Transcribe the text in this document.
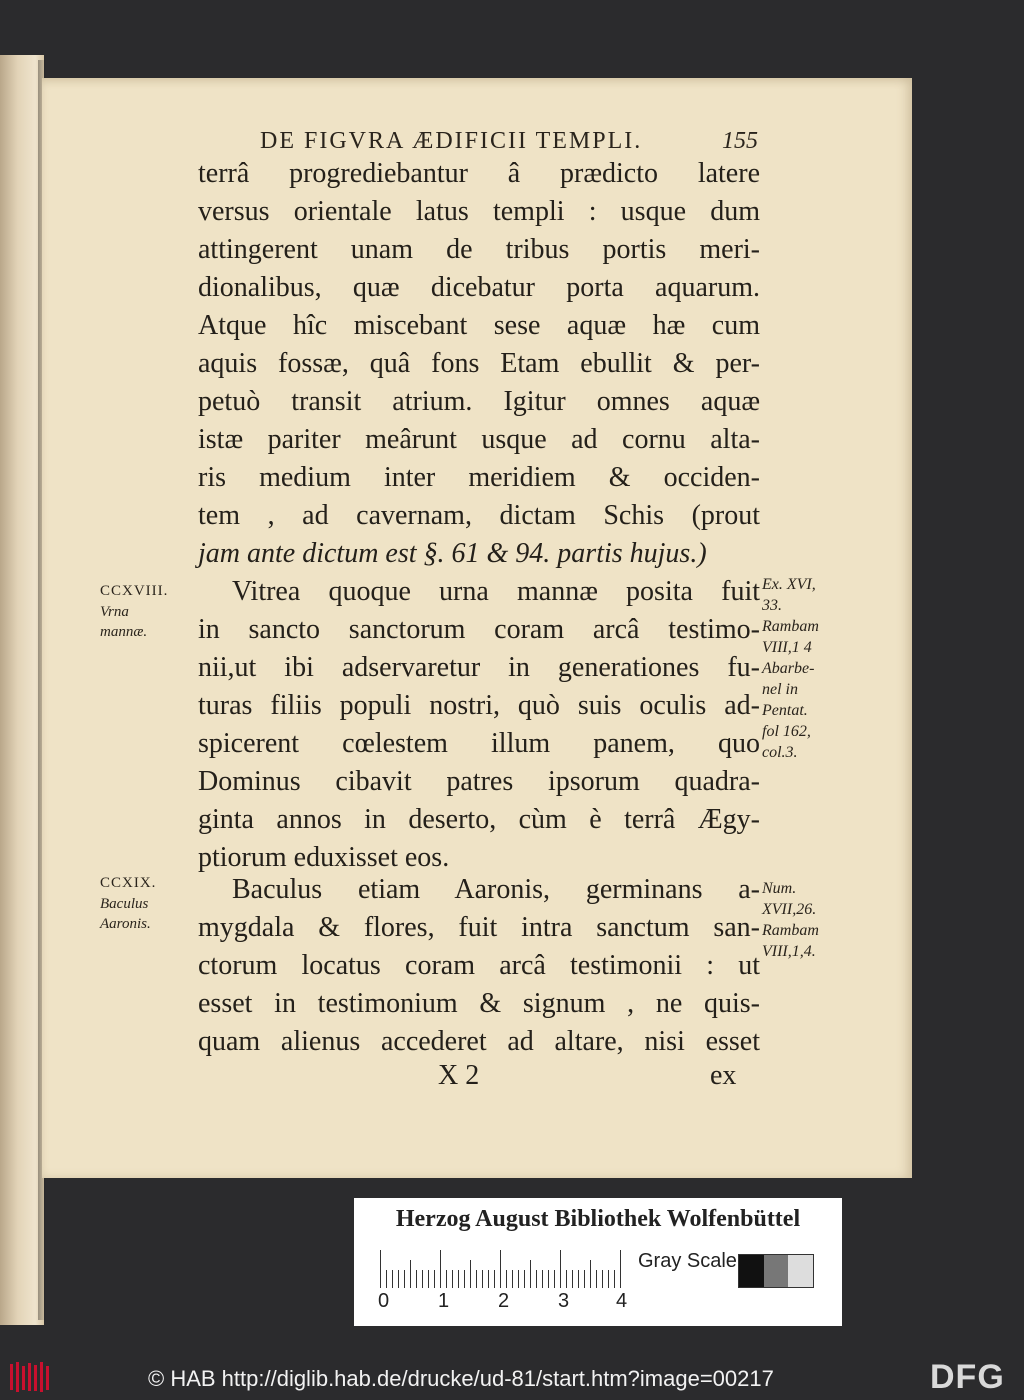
DE FIGVRA ÆDIFICII TEMPLI.	155
terrâ progrediebantur â prædicto latere
versus orientale latus templi : usque dum
attingerent unam de tribus portis meri-
dionalibus, quæ dicebatur porta aquarum.
Atque hîc miscebant sese aquæ hæ cum
aquis fossæ, quâ fons Etam ebullit & per-
petuò transit atrium. Igitur omnes aquæ
istæ pariter meârunt usque ad cornu alta-
ris medium inter meridiem & occiden-
tem , ad cavernam, dictam Schis (prout
jam ante dictum est §. 61 & 94. partis hujus.)
Vitrea quoque urna mannæ posita fuit
in sancto sanctorum coram arcâ testimo-
nii,ut ibi adservaretur in generationes fu-
turas filiis populi nostri, quò suis oculis ad-
spicerent cœlestem illum panem, quo
Dominus cibavit patres ipsorum quadra-
ginta annos in deserto, cùm è terrâ Ægy-
ptiorum eduxisset eos.
Baculus etiam Aaronis, germinans a-
mygdala & flores, fuit intra sanctum san-
ctorum locatus coram arcâ testimonii : ut
esset in testimonium & signum , ne quis-
quam alienus accederet ad altare, nisi esset
CCXVIII.
Vrna
mannæ.
CCXIX.
Baculus
Aaronis.
Ex. XVI,
33.
Rambam
VIII,1 4
Abarbe-
nel in
Pentat.
fol 162,
col.3.
Num.
XVII,26.
Rambam
VIII,1,4.
X 2	ex
Herzog August Bibliothek Wolfenbüttel
0 1 2 3 4
Gray Scale
© HAB http://diglib.hab.de/drucke/ud-81/start.htm?image=00217	DFG
